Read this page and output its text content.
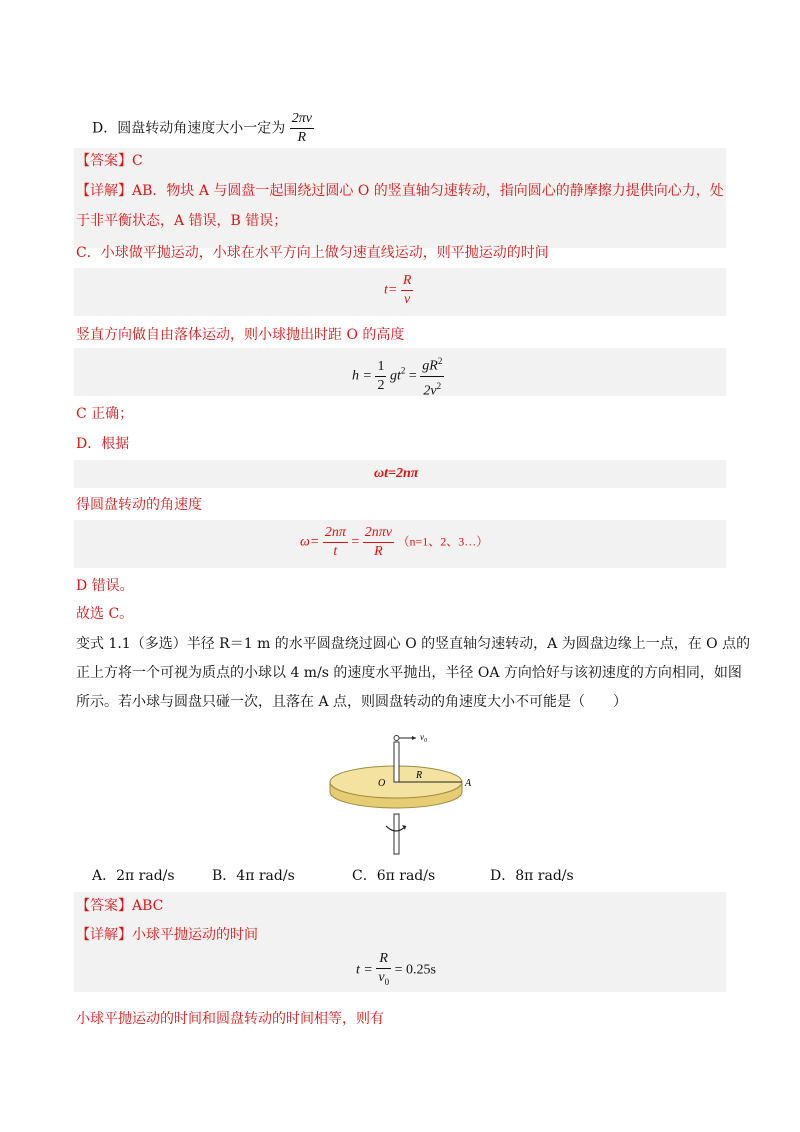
D．圆盘转动角速度大小一定为 $\frac{2\pi v}{R}$
【答案】C
【详解】AB．物块 A 与圆盘一起围绕过圆心 O 的竖直轴匀速转动，指向圆心的静摩擦力提供向心力，处
于非平衡状态，A 错误，B 错误；
C．小球做平抛运动，小球在水平方向上做匀速直线运动，则平抛运动的时间
$t= \frac{R}{v}$
竖直方向做自由落体运动，则小球抛出时距 O 的高度
$h = \frac{1}{2} gt^2 = \frac{gR^2}{2v^2}$
C 正确；
D．根据
ωt=2nπ
得圆盘转动的角速度
$\omega= \frac{2n\pi}{t} = \frac{\text{2nπv}}{R} (n=1$、2、3…）
D 错误。
故选 C。
变式 1.1（多选）半径 R＝1 m 的水平圆盘绕过圆心 O 的竖直轴匀速转动，A 为圆盘边缘上一点，在 O 点的
正上方将一个可视为质点的小球以 4 m/s 的速度水平抛出，半径 OA 方向恰好与该初速度的方向相同，如图
所示。若小球与圆盘只碰一次，且落在 A 点，则圆盘转动的角速度大小不可能是（　　）
$v_0$
R
O	A
A．2π rad/s	B．4π rad/s	C．6π rad/s	D．8π rad/s
【答案】ABC
【详解】小球平抛运动的时间
$t = \frac{R}{v_0} = 0.25s$
小球平抛运动的时间和圆盘转动的时间相等，则有
